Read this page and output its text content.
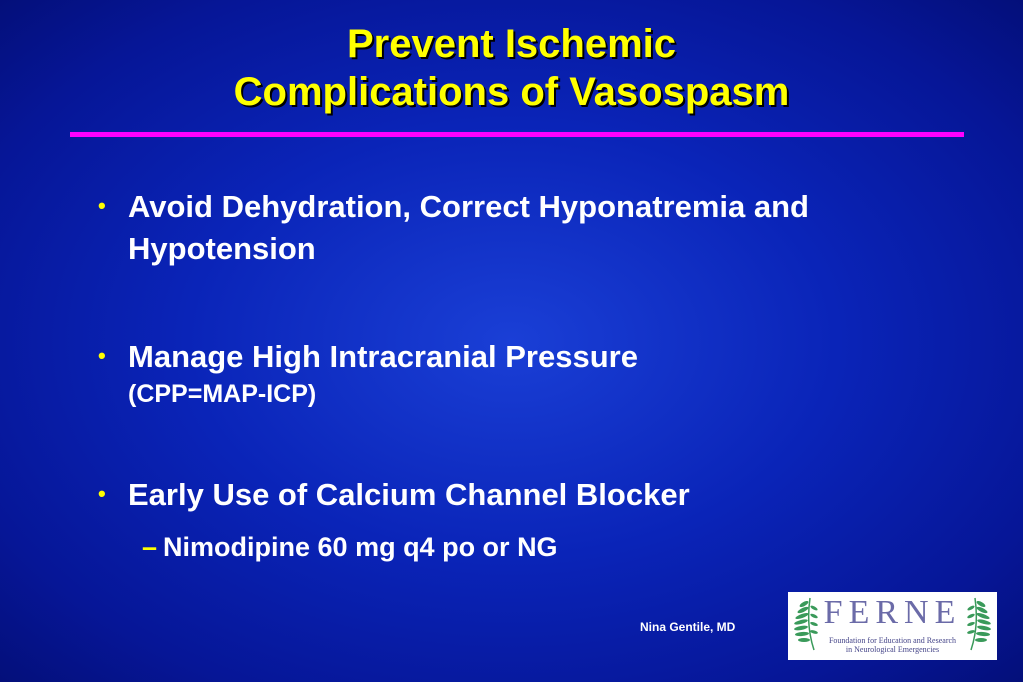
Prevent Ischemic
Complications of Vasospasm
• Avoid Dehydration, Correct Hyponatremia and Hypotension
• Manage High Intracranial Pressure
(CPP=MAP-ICP)
• Early Use of Calcium Channel Blocker
– Nimodipine 60 mg q4 po or NG
Nina Gentile, MD	FERNE
Foundation for Education and Research
in Neurological Emergencies
